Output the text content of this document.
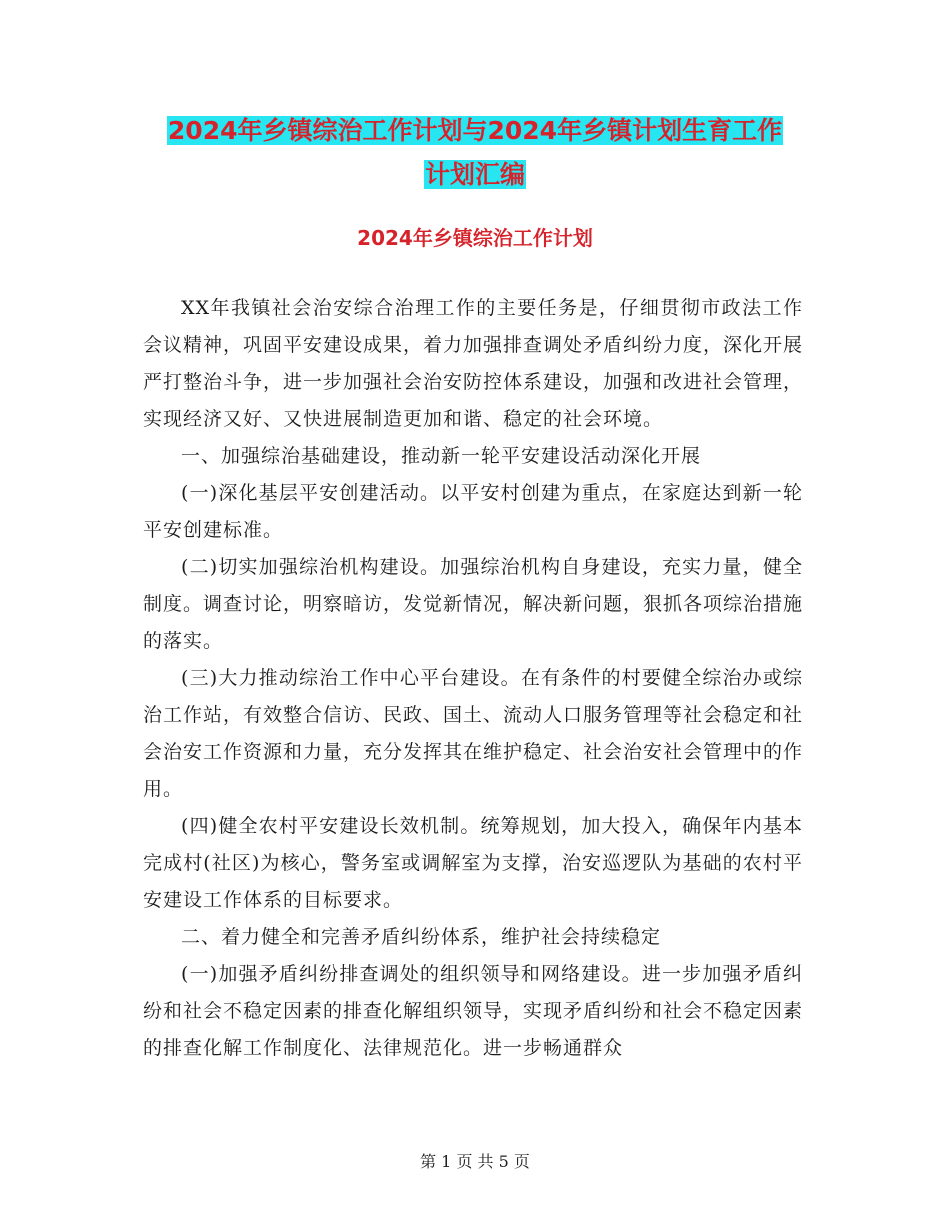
2024年乡镇综治工作计划与2024年乡镇计划生育工作
计划汇编
2024年乡镇综治工作计划

XX年我镇社会治安综合治理工作的主要任务是，仔细贯彻市政法工作会议精神，巩固平安建设成果，着力加强排查调处矛盾纠纷力度，深化开展严打整治斗争，进一步加强社会治安防控体系建设，加强和改进社会管理，实现经济又好、又快进展制造更加和谐、稳定的社会环境。

一、加强综治基础建设，推动新一轮平安建设活动深化开展

(一)深化基层平安创建活动。以平安村创建为重点，在家庭达到新一轮平安创建标准。

(二)切实加强综治机构建设。加强综治机构自身建设，充实力量，健全制度。调查讨论，明察暗访，发觉新情况，解决新问题，狠抓各项综治措施的落实。

(三)大力推动综治工作中心平台建设。在有条件的村要健全综治办或综治工作站，有效整合信访、民政、国土、流动人口服务管理等社会稳定和社会治安工作资源和力量，充分发挥其在维护稳定、社会治安社会管理中的作用。

(四)健全农村平安建设长效机制。统筹规划，加大投入，确保年内基本完成村(社区)为核心，警务室或调解室为支撑，治安巡逻队为基础的农村平安建设工作体系的目标要求。

二、着力健全和完善矛盾纠纷体系，维护社会持续稳定

(一)加强矛盾纠纷排查调处的组织领导和网络建设。进一步加强矛盾纠纷和社会不稳定因素的排查化解组织领导，实现矛盾纠纷和社会不稳定因素的排查化解工作制度化、法律规范化。进一步畅通群众

第 1 页 共 5 页
